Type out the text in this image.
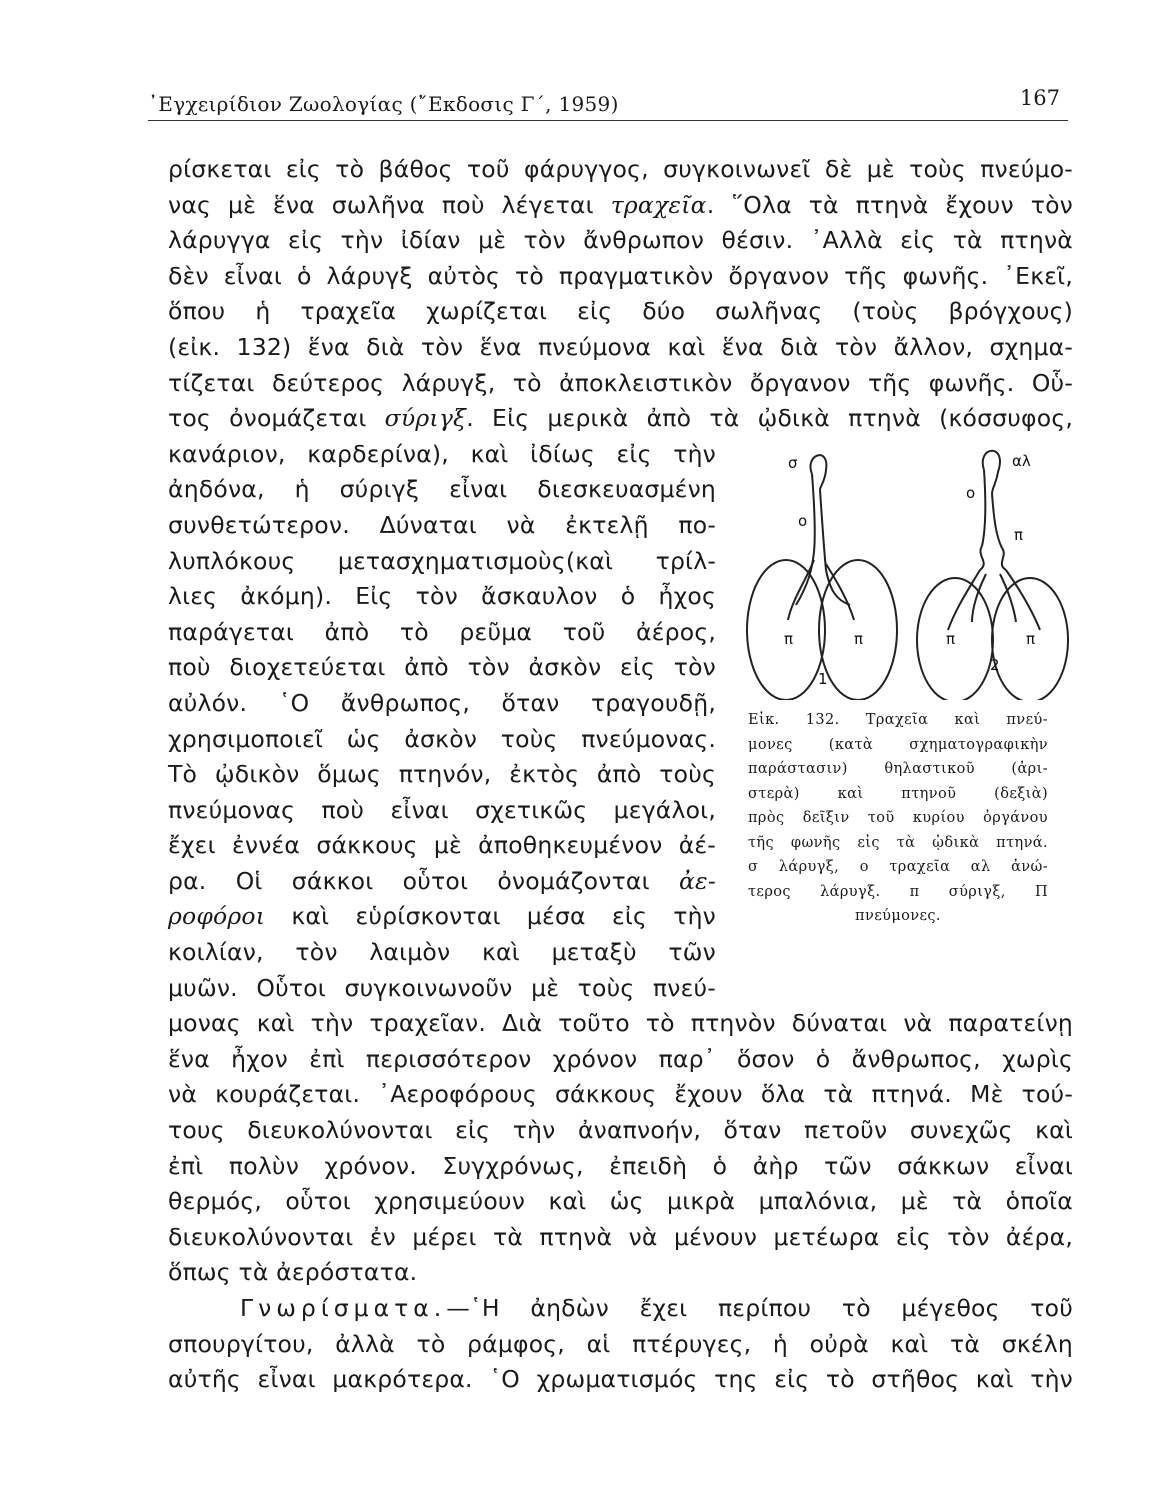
᾿Εγχειρίδιον Ζωολογίας (῎Εκδοσις Γ΄, 1959)	167
ρίσκεται εἰς τὸ βάθος τοῦ φάρυγγος, συγκοινωνεῖ δὲ μὲ τοὺς πνεύμο-
νας μὲ ἕνα σωλῆνα ποὺ λέγεται τραχεῖα. ῞Ολα τὰ πτηνὰ ἔχουν τὸν
λάρυγγα εἰς τὴν ἰδίαν μὲ τὸν ἄνθρωπον θέσιν. ᾿Αλλὰ εἰς τὰ πτηνὰ
δὲν εἶναι ὁ λάρυγξ αὐτὸς τὸ πραγματικὸν ὄργανον τῆς φωνῆς. ᾿Εκεῖ,
ὅπου ἡ τραχεῖα χωρίζεται εἰς δύο σωλῆνας (τοὺς βρόγχους)
(εἰκ. 132) ἕνα διὰ τὸν ἕνα πνεύμονα καὶ ἕνα διὰ τὸν ἄλλον, σχημα-
τίζεται δεύτερος λάρυγξ, τὸ ἀποκλειστικὸν ὄργανον τῆς φωνῆς. Οὗ-
τος ὀνομάζεται σύριγξ. Εἰς μερικὰ ἀπὸ τὰ ᾠδικὰ πτηνὰ (κόσσυφος,
κανάριον, καρδερίνα), καὶ ἰδίως εἰς τὴν
ἀηδόνα, ἡ σύριγξ εἶναι διεσκευασμένη
συνθετώτερον. Δύναται νὰ ἐκτελῇ πο-
λυπλόκους μετασχηματισμοὺς(καὶ τρίλ-
λιες ἀκόμη). Εἰς τὸν ἄσκαυλον ὁ ἦχος
παράγεται ἀπὸ τὸ ρεῦμα τοῦ ἀέρος,
ποὺ διοχετεύεται ἀπὸ τὸν ἀσκὸν εἰς τὸν
αὐλόν. ῾Ο ἄνθρωπος, ὅταν τραγουδῇ,
χρησιμοποιεῖ ὡς ἀσκὸν τοὺς πνεύμονας.
Τὸ ᾠδικὸν ὅμως πτηνόν, ἐκτὸς ἀπὸ τοὺς
πνεύμονας ποὺ εἶναι σχετικῶς μεγάλοι,
ἔχει ἐννέα σάκκους μὲ ἀποθηκευμένον ἀέ-
ρα. Οἱ σάκκοι οὗτοι ὀνομάζονται ἀε-
ροφόροι καὶ εὑρίσκονται μέσα εἰς τὴν
κοιλίαν, τὸν λαιμὸν καὶ μεταξὺ τῶν
μυῶν. Οὗτοι συγκοινωνοῦν μὲ τοὺς πνεύ-
μονας καὶ τὴν τραχεῖαν. Διὰ τοῦτο τὸ πτηνὸν δύναται νὰ παρατείνῃ
ἕνα ἦχον ἐπὶ περισσότερον χρόνον παρ᾿ ὅσον ὁ ἄνθρωπος, χωρὶς
νὰ κουράζεται. ᾿Αεροφόρους σάκκους ἔχουν ὅλα τὰ πτηνά. Μὲ τού-
τους διευκολύνονται εἰς τὴν ἀναπνοήν, ὅταν πετοῦν συνεχῶς καὶ
ἐπὶ πολὺν χρόνον. Συγχρόνως, ἐπειδὴ ὁ ἀὴρ τῶν σάκκων εἶναι
θερμός, οὗτοι χρησιμεύουν καὶ ὡς μικρὰ μπαλόνια, μὲ τὰ ὁποῖα
διευκολύνονται ἐν μέρει τὰ πτηνὰ νὰ μένουν μετέωρα εἰς τὸν ἀέρα,
ὅπως τὰ ἀερόστατα.
Γνωρίσματα.—῾Η ἀηδὼν ἔχει περίπου τὸ μέγεθος τοῦ
σπουργίτου, ἀλλὰ τὸ ράμφος, αἱ πτέρυγες, ἡ οὐρὰ καὶ τὰ σκέλη
αὐτῆς εἶναι μακρότερα. ῾Ο χρωματισμός της εἰς τὸ στῆθος καὶ τὴν
σ	αλ
ο
ο
π
π	π	π	π
1
2
Εἰκ. 132. Τραχεῖα καὶ πνεύ-
μονες (κατὰ σχηματογραφικὴν
παράστασιν) θηλαστικοῦ (ἀρι-
στερὰ) καὶ πτηνοῦ (δεξιὰ)
πρὸς δεῖξιν τοῦ κυρίου ὀργάνου
τῆς φωνῆς εἰς τὰ ᾠδικὰ πτηνά.
σ λάρυγξ, ο τραχεῖα αλ ἀνώ-
τερος λάρυγξ. π σύριγξ, Π
πνεύμονες.
